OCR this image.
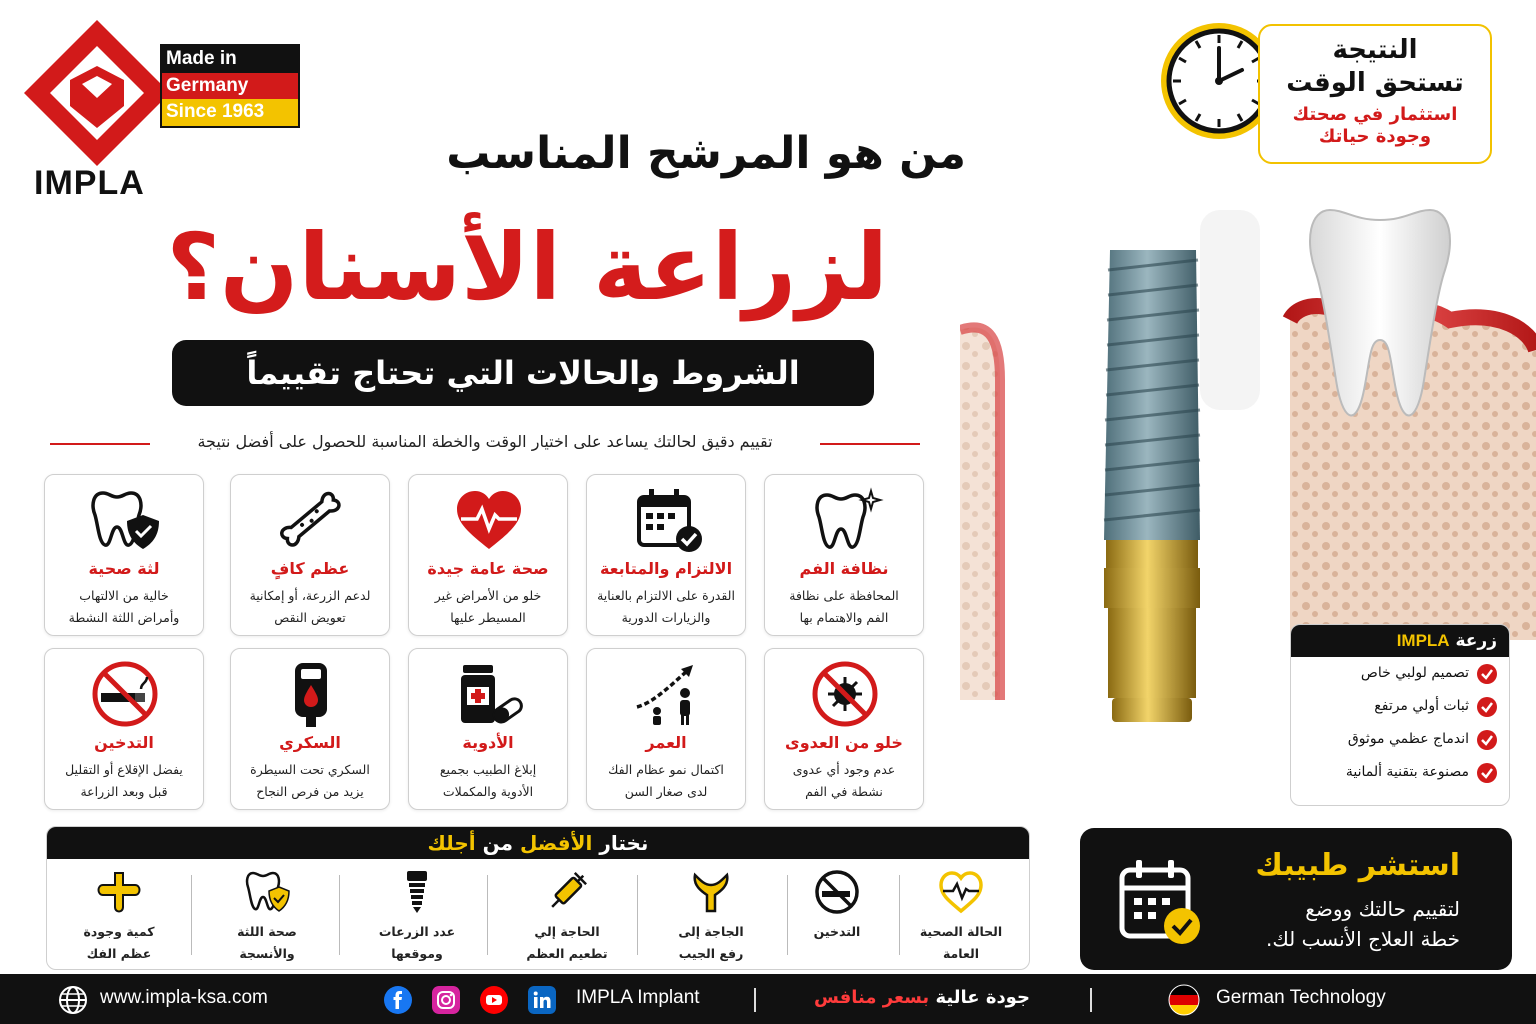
Made in
Germany
Since 1963
IMPLA
من هو المرشح المناسب
لزراعة الأسنان؟
الشروط والحالات التي تحتاج تقييماً
تقييم دقيق لحالتك يساعد على اختيار الوقت والخطة المناسبة للحصول على أفضل نتيجة
النتيجة
تستحق الوقت
استثمار في صحتك
وجودة حياتك
نظافة الفم
المحافظة على نظافة
الفم والاهتمام بها
الالتزام والمتابعة
القدرة على الالتزام بالعناية
والزيارات الدورية
صحة عامة جيدة
خلو من الأمراض غير
المسيطر عليها
عظم كافٍ
لدعم الزرعة، أو إمكانية
تعويض النقص
لثة صحية
خالية من الالتهاب
وأمراض اللثة النشطة
خلو من العدوى
عدم وجود أي عدوى
نشطة في الفم
العمر
اكتمال نمو عظام الفك
لدى صغار السن
الأدوية
إبلاغ الطبيب بجميع
الأدوية والمكملات
السكري
السكري تحت السيطرة
يزيد من فرص النجاح
التدخين
يفضل الإقلاع أو التقليل
قبل وبعد الزراعة
نختار الأفضل من أجلك
الحالة الصحية
العامة
التدخين
الجاجة إلى
رفع الجيب
الحاجة إلي
تطعيم العظم
عدد الزرعات
وموقعها
صحة اللثة
والأنسجة
كمية وجودة
عظم الفك
زرعة IMPLA
تصميم لولبي خاص
ثبات أولي مرتفع
اندماج عظمي موثوق
مصنوعة بتقنية ألمانية
استشر طبيبك
لتقييم حالتك ووضع
خطة العلاج الأنسب لك.
www.impla-ksa.com	IMPLA Implant	جودة عالية بسعر منافس	German Technology
